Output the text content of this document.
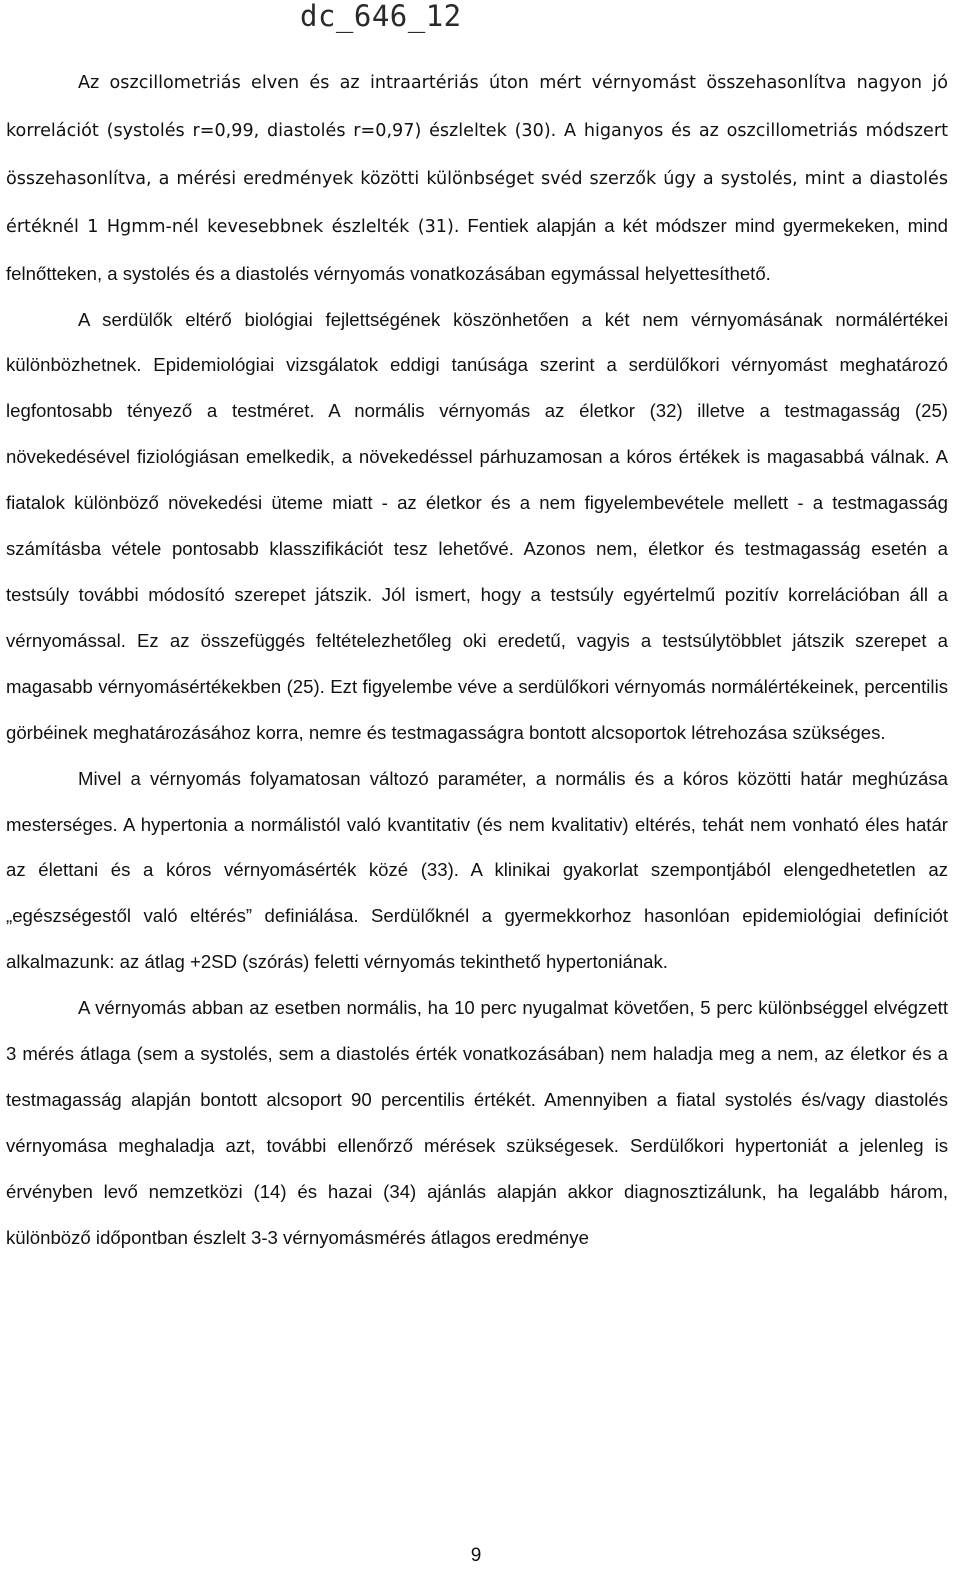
dc_646_12

Az oszcillometriás elven és az intraartériás úton mért vérnyomást összehasonlítva nagyon jó korrelációt (systolés r=0,99, diastolés r=0,97) észleltek (30). A higanyos és az oszcillometriás módszert összehasonlítva, a mérési eredmények közötti különbséget svéd szerzők úgy a systolés, mint a diastolés értéknél 1 Hgmm-nél kevesebbnek észlelték (31). Fentiek alapján a két módszer mind gyermekeken, mind felnőtteken, a systolés és a diastolés vérnyomás vonatkozásában egymással helyettesíthető.

A serdülők eltérő biológiai fejlettségének köszönhetően a két nem vérnyomásának normálértékei különbözhetnek. Epidemiológiai vizsgálatok eddigi tanúsága szerint a serdülőkori vérnyomást meghatározó legfontosabb tényező a testméret. A normális vérnyomás az életkor (32) illetve a testmagasság (25) növekedésével fiziológiásan emelkedik, a növekedéssel párhuzamosan a kóros értékek is magasabbá válnak. A fiatalok különböző növekedési üteme miatt - az életkor és a nem figyelembevétele mellett - a testmagasság számításba vétele pontosabb klasszifikációt tesz lehetővé. Azonos nem, életkor és testmagasság esetén a testsúly további módosító szerepet játszik. Jól ismert, hogy a testsúly egyértelmű pozitív korrelációban áll a vérnyomással. Ez az összefüggés feltételezhetőleg oki eredetű, vagyis a testsúlytöbblet játszik szerepet a magasabb vérnyomásértékekben (25). Ezt figyelembe véve a serdülőkori vérnyomás normálértékeinek, percentilis görbéinek meghatározásához korra, nemre és testmagasságra bontott alcsoportok létrehozása szükséges.

Mivel a vérnyomás folyamatosan változó paraméter, a normális és a kóros közötti határ meghúzása mesterséges. A hypertonia a normálistól való kvantitativ (és nem kvalitativ) eltérés, tehát nem vonható éles határ az élettani és a kóros vérnyomásérték közé (33). A klinikai gyakorlat szempontjából elengedhetetlen az „egészségestől való eltérés” definiálása. Serdülőknél a gyermekkorhoz hasonlóan epidemiológiai definíciót alkalmazunk: az átlag +2SD (szórás) feletti vérnyomás tekinthető hypertoniának.

A vérnyomás abban az esetben normális, ha 10 perc nyugalmat követően, 5 perc különbséggel elvégzett 3 mérés átlaga (sem a systolés, sem a diastolés érték vonatkozásában) nem haladja meg a nem, az életkor és a testmagasság alapján bontott alcsoport 90 percentilis értékét. Amennyiben a fiatal systolés és/vagy diastolés vérnyomása meghaladja azt, további ellenőrző mérések szükségesek. Serdülőkori hypertoniát a jelenleg is érvényben levő nemzetközi (14) és hazai (34) ajánlás alapján akkor diagnosztizálunk, ha legalább három, különböző időpontban észlelt 3-3 vérnyomásmérés átlagos eredménye

9
